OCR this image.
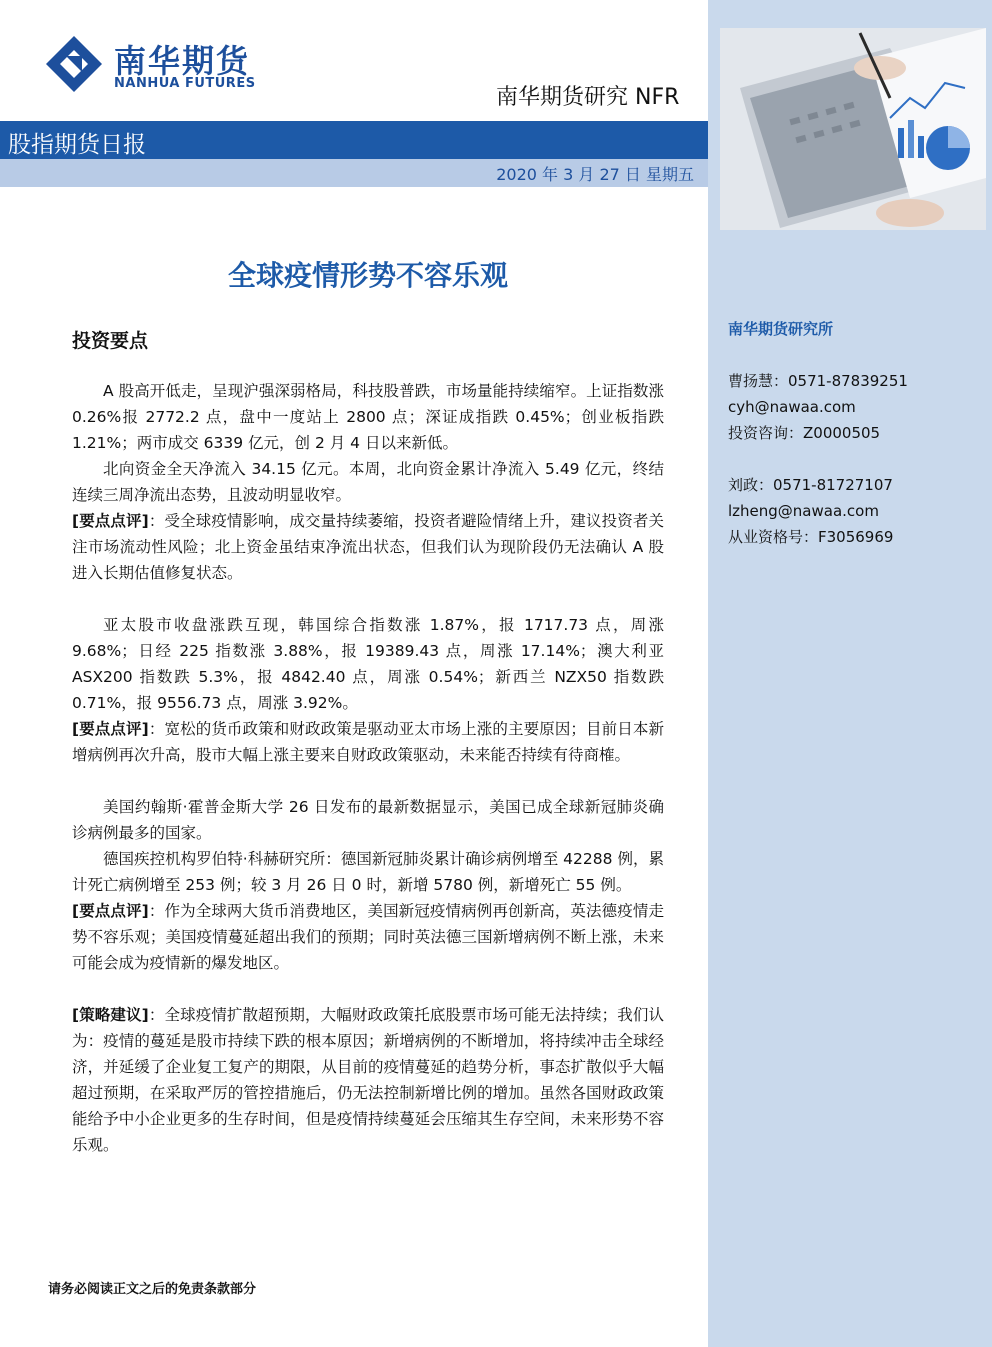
南华期货
NANHUA FUTURES
南华期货研究 NFR
股指期货日报
2020 年 3 月 27 日 星期五
全球疫情形势不容乐观
投资要点

A 股高开低走，呈现沪强深弱格局，科技股普跌，市场量能持续缩窄。上证指数涨 0.26%报 2772.2 点，盘中一度站上 2800 点；深证成指跌 0.45%；创业板指跌 1.21%；两市成交 6339 亿元，创 2 月 4 日以来新低。

北向资金全天净流入 34.15 亿元。本周，北向资金累计净流入 5.49 亿元，终结连续三周净流出态势，且波动明显收窄。

[要点点评]：受全球疫情影响，成交量持续萎缩，投资者避险情绪上升，建议投资者关注市场流动性风险；北上资金虽结束净流出状态，但我们认为现阶段仍无法确认 A 股进入长期估值修复状态。

亚太股市收盘涨跌互现，韩国综合指数涨 1.87%，报 1717.73 点，周涨 9.68%；日经 225 指数涨 3.88%，报 19389.43 点，周涨 17.14%；澳大利亚 ASX200 指数跌 5.3%，报 4842.40 点，周涨 0.54%；新西兰 NZX50 指数跌 0.71%，报 9556.73 点，周涨 3.92%。

[要点点评]：宽松的货币政策和财政政策是驱动亚太市场上涨的主要原因；目前日本新增病例再次升高，股市大幅上涨主要来自财政政策驱动，未来能否持续有待商榷。

美国约翰斯·霍普金斯大学 26 日发布的最新数据显示，美国已成全球新冠肺炎确诊病例最多的国家。

德国疾控机构罗伯特·科赫研究所：德国新冠肺炎累计确诊病例增至 42288 例，累计死亡病例增至 253 例；较 3 月 26 日 0 时，新增 5780 例，新增死亡 55 例。

[要点点评]：作为全球两大货币消费地区，美国新冠疫情病例再创新高，英法德疫情走势不容乐观；美国疫情蔓延超出我们的预期；同时英法德三国新增病例不断上涨，未来可能会成为疫情新的爆发地区。

[策略建议]：全球疫情扩散超预期，大幅财政政策托底股票市场可能无法持续；我们认为：疫情的蔓延是股市持续下跌的根本原因；新增病例的不断增加，将持续冲击全球经济，并延缓了企业复工复产的期限，从目前的疫情蔓延的趋势分析，事态扩散似乎大幅超过预期，在采取严厉的管控措施后，仍无法控制新增比例的增加。虽然各国财政政策能给予中小企业更多的生存时间，但是疫情持续蔓延会压缩其生存空间，未来形势不容乐观。

南华期货研究所
曹扬慧：0571-87839251
cyh@nawaa.com
投资咨询：Z0000505
刘政：0571-81727107
lzheng@nawaa.com
从业资格号：F3056969
请务必阅读正文之后的免责条款部分
